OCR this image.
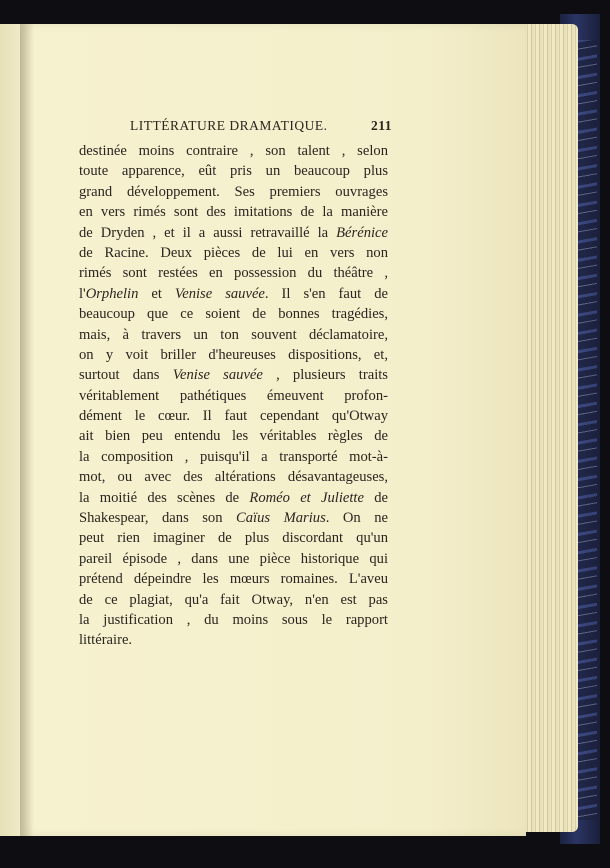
LITTÉRATURE DRAMATIQUE.	211
destinée moins contraire , son talent , selon
toute apparence, eût pris un beaucoup plus
grand développement. Ses premiers ouvrages
en vers rimés sont des imitations de la manière
de Dryden , et il a aussi retravaillé la Bérénice
de Racine. Deux pièces de lui en vers non
rimés sont restées en possession du théâtre ,
l'Orphelin et Venise sauvée. Il s'en faut de
beaucoup que ce soient de bonnes tragédies,
mais, à travers un ton souvent déclamatoire,
on y voit briller d'heureuses dispositions, et,
surtout dans Venise sauvée , plusieurs traits
véritablement pathétiques émeuvent profon-
dément le cœur. Il faut cependant qu'Otway
ait bien peu entendu les véritables règles de
la composition , puisqu'il a transporté mot-à-
mot, ou avec des altérations désavantageuses,
la moitié des scènes de Roméo et Juliette de
Shakespear, dans son Caïus Marius. On ne
peut rien imaginer de plus discordant qu'un
pareil épisode , dans une pièce historique qui
prétend dépeindre les mœurs romaines. L'aveu
de ce plagiat, qu'a fait Otway, n'en est pas
la justification , du moins sous le rapport
littéraire.
